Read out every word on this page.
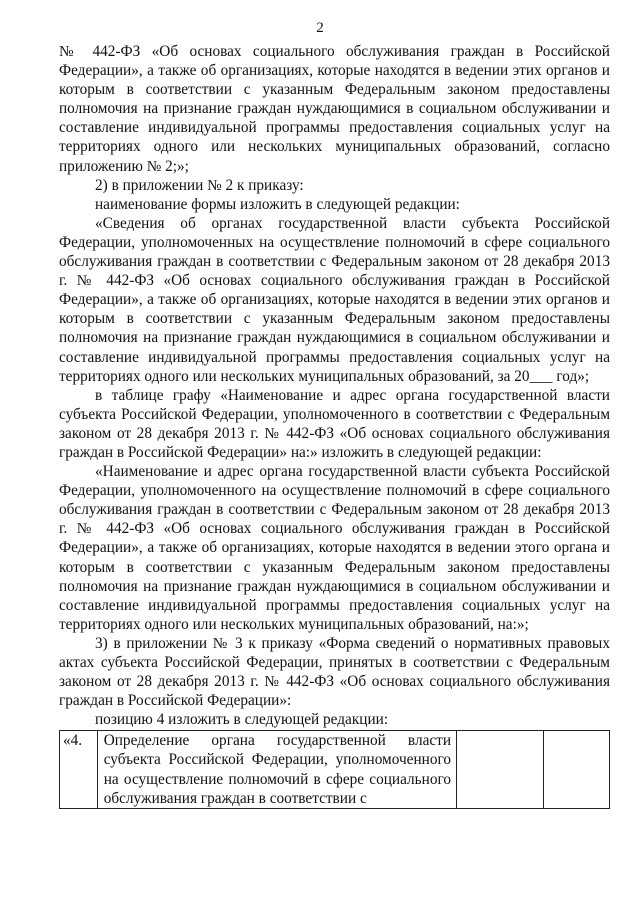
2

№ 442-ФЗ «Об основах социального обслуживания граждан в Российской Федерации», а также об организациях, которые находятся в ведении этих органов и которым в соответствии с указанным Федеральным законом предоставлены полномочия на признание граждан нуждающимися в социальном обслуживании и составление индивидуальной программы предоставления социальных услуг на территориях одного или нескольких муниципальных образований, согласно приложению № 2;»;

2) в приложении № 2 к приказу:

наименование формы изложить в следующей редакции:

«Сведения об органах государственной власти субъекта Российской Федерации, уполномоченных на осуществление полномочий в сфере социального обслуживания граждан в соответствии с Федеральным законом от 28 декабря 2013 г. № 442-ФЗ «Об основах социального обслуживания граждан в Российской Федерации», а также об организациях, которые находятся в ведении этих органов и которым в соответствии с указанным Федеральным законом предоставлены полномочия на признание граждан нуждающимися в социальном обслуживании и составление индивидуальной программы предоставления социальных услуг на территориях одного или нескольких муниципальных образований, за 20___ год»;

в таблице графу «Наименование и адрес органа государственной власти субъекта Российской Федерации, уполномоченного в соответствии с Федеральным законом от 28 декабря 2013 г. № 442-ФЗ «Об основах социального обслуживания граждан в Российской Федерации» на:» изложить в следующей редакции:

«Наименование и адрес органа государственной власти субъекта Российской Федерации, уполномоченного на осуществление полномочий в сфере социального обслуживания граждан в соответствии с Федеральным законом от 28 декабря 2013 г. № 442-ФЗ «Об основах социального обслуживания граждан в Российской Федерации», а также об организациях, которые находятся в ведении этого органа и которым в соответствии с указанным Федеральным законом предоставлены полномочия на признание граждан нуждающимися в социальном обслуживании и составление индивидуальной программы предоставления социальных услуг на территориях одного или нескольких муниципальных образований, на:»;

3) в приложении № 3 к приказу «Форма сведений о нормативных правовых актах субъекта Российской Федерации, принятых в соответствии с Федеральным законом от 28 декабря 2013 г. № 442-ФЗ «Об основах социального обслуживания граждан в Российской Федерации»:

позицию 4 изложить в следующей редакции:

«4.	Определение органа государственной власти субъекта Российской Федерации, уполномоченного на осуществление полномочий в сфере социального обслуживания граждан в соответствии с		
